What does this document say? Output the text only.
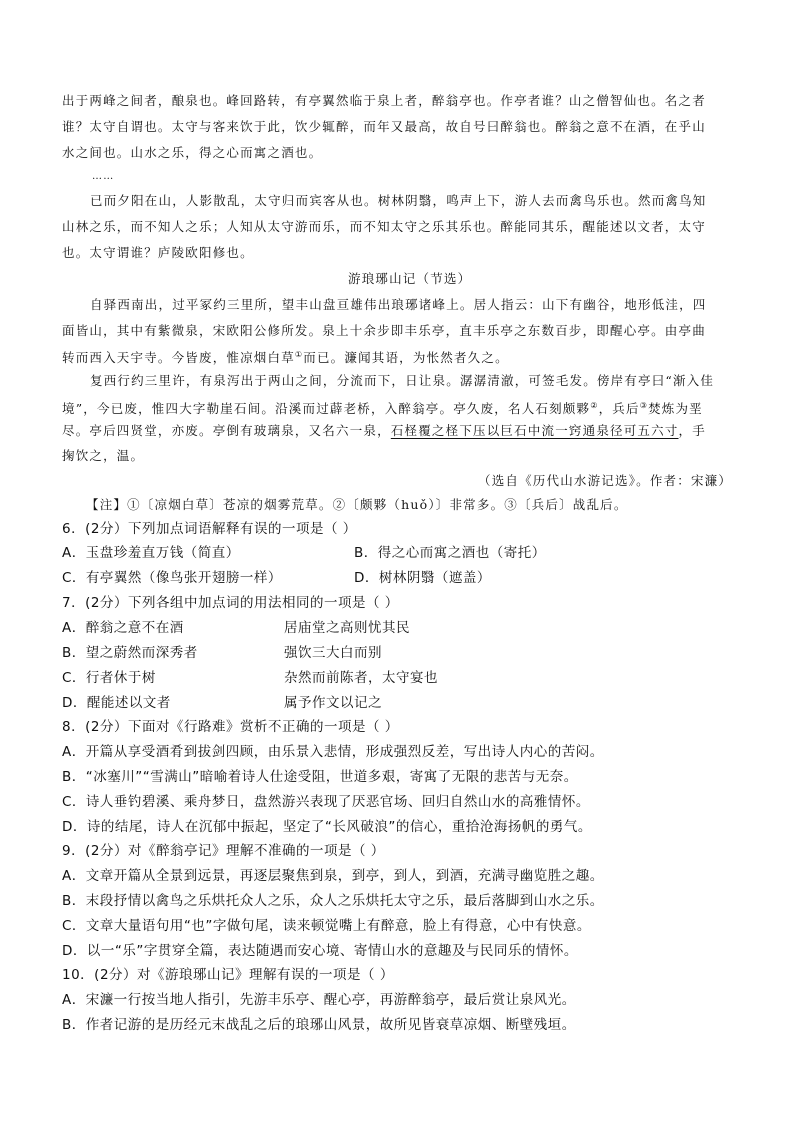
出于两峰之间者，酿泉也。峰回路转，有亭翼然临于泉上者，醉翁亭也。作亭者谁？山之僧智仙也。名之者
谁？太守自谓也。太守与客来饮于此，饮少辄醉，而年又最高，故自号曰醉翁也。醉翁之意不在酒，在乎山
水之间也。山水之乐，得之心而寓之酒也。
……
已而夕阳在山，人影散乱，太守归而宾客从也。树林阴翳，鸣声上下，游人去而禽鸟乐也。然而禽鸟知
山林之乐，而不知人之乐；人知从太守游而乐，而不知太守之乐其乐也。醉能同其乐，醒能述以文者，太守
也。太守谓谁？庐陵欧阳修也。
游琅琊山记（节选）
自驿西南出，过平冢约三里所，望丰山盘亘雄伟出琅琊诸峰上。居人指云：山下有幽谷，地形低洼，四
面皆山，其中有紫微泉，宋欧阳公修所发。泉上十余步即丰乐亭，直丰乐亭之东数百步，即醒心亭。由亭曲
转而西入天宇寺。今皆废，惟凉烟白草①而已。濂闻其语，为怅然者久之。
复西行约三里许，有泉泻出于两山之间，分流而下，日让泉。潺潺清澈，可签毛发。傍岸有亭曰“渐入佳
境”，今已废，惟四大字勒崖石间。沿溪而过薜老桥，入醉翁亭。亭久废，名人石刻颇夥②，兵后③焚炼为垩
尽。亭后四贤堂，亦废。亭倒有玻璃泉，又名六一泉，石柽覆之柽下压以巨石中流一窍通泉径可五六寸，手
掬饮之，温。
（选自《历代山水游记选》。作者：宋濂）
【注】①〔凉烟白草〕苍凉的烟雾荒草。②〔颇夥（huǒ）〕非常多。③〔兵后〕战乱后。
6．(2分）下列加点词语解释有误的一项是（ ）
A．玉盘珍羞直万钱（简直）	B．得之心而寓之酒也（寄托）
C．有亭翼然（像鸟张开翅膀一样）	D．树林阴翳（遮盖）
7．(2分）下列各组中加点词的用法相同的一项是（ ）
A．醉翁之意不在酒	居庙堂之高则忧其民
B．望之蔚然而深秀者	强饮三大白而别
C．行者休于树	杂然而前陈者，太守宴也
D．醒能述以文者	属予作文以记之
8．(2分）下面对《行路难》赏析不正确的一项是（ ）
A．开篇从享受酒肴到拔剑四顾，由乐景入悲情，形成强烈反差，写出诗人内心的苦闷。
B．“冰塞川”“雪满山”暗喻着诗人仕途受阻，世道多艰，寄寓了无限的悲苦与无奈。
C．诗人垂钓碧溪、乘舟梦日，盘然游兴表现了厌恶官场、回归自然山水的高雅情怀。
D．诗的结尾，诗人在沉郁中振起，坚定了“长风破浪”的信心，重拾沧海扬帆的勇气。
9．(2分）对《醉翁亭记》理解不准确的一项是（ ）
A．文章开篇从全景到远景，再逐层聚焦到泉，到亭，到人，到酒，充满寻幽览胜之趣。
B．末段抒情以禽鸟之乐烘托众人之乐，众人之乐烘托太守之乐，最后落脚到山水之乐。
C．文章大量语句用“也”字做句尾，读来顿觉嘴上有醉意，脸上有得意，心中有快意。
D．以一“乐”字贯穿全篇，表达随遇而安心境、寄情山水的意趣及与民同乐的情怀。
10．(2分）对《游琅琊山记》理解有误的一项是（ ）
A．宋濂一行按当地人指引，先游丰乐亭、醒心亭，再游醉翁亭，最后赏让泉风光。
B．作者记游的是历经元末战乱之后的琅琊山风景，故所见皆衰草凉烟、断壁残垣。
